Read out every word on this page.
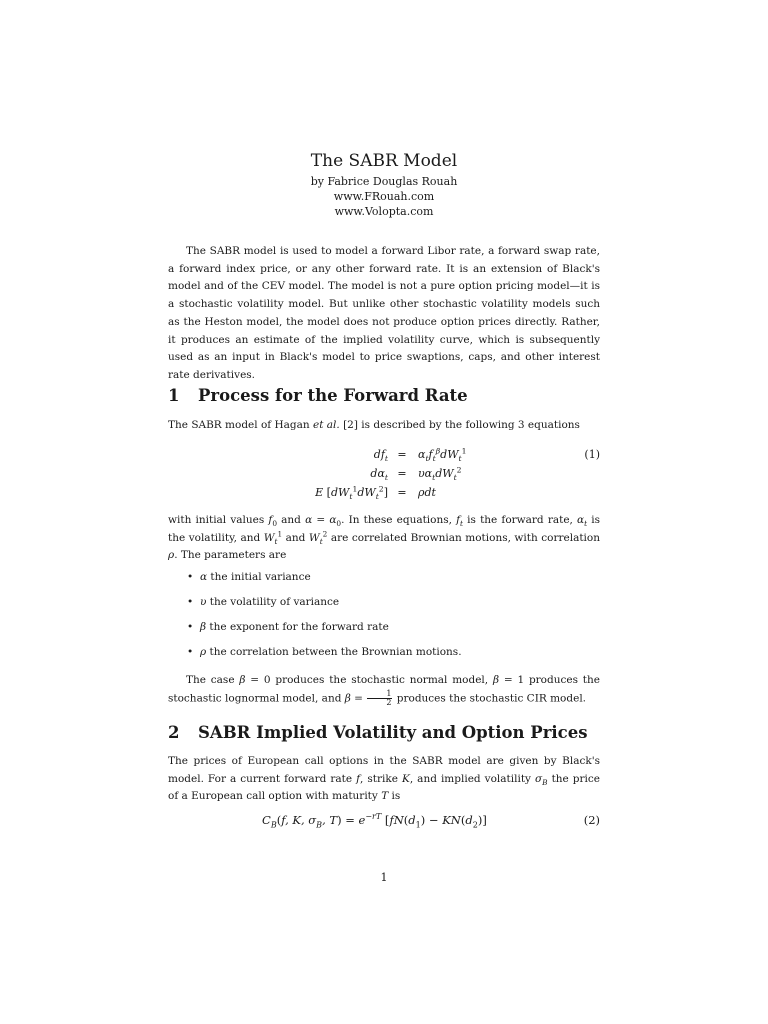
The SABR Model
by Fabrice Douglas Rouah
www.FRouah.com
www.Volopta.com

The SABR model is used to model a forward Libor rate, a forward swap rate, a forward index price, or any other forward rate. It is an extension of Black's model and of the CEV model. The model is not a pure option pricing model—it is a stochastic volatility model. But unlike other stochastic volatility models such as the Heston model, the model does not produce option prices directly. Rather, it produces an estimate of the implied volatility curve, which is subsequently used as an input in Black's model to price swaptions, caps, and other interest rate derivatives.

1 Process for the Forward Rate

The SABR model of Hagan et al. [2] is described by the following 3 equations

$df_t = \alpha_tf_t^\beta dW_t^1$	(1)
$d\alpha_t = \upsilon\alpha_tdW_t^2$
E $[dW_t^1dW_t^2] = \rho dt$

with initial values $f_0$ and $\alpha = \alpha_0$. In these equations, $f_t$ is the forward rate, $\alpha_t$ is the volatility, and $W_t^1$ and $W_t^2$ are correlated Brownian motions, with correlation ρ. The parameters are

• α the initial variance
• υ the volatility of variance
• β the exponent for the forward rate
• ρ the correlation between the Brownian motions.

The case β = 0 produces the stochastic normal model, β = 1 produces the stochastic lognormal model, and $\beta = \frac{1}{2}$ produces the stochastic CIR model.

2 SABR Implied Volatility and Option Prices

The prices of European call options in the SABR model are given by Black's model. For a current forward rate f, strike K, and implied volatility $\sigma_B$ the price of a European call option with maturity T is

$C_B(f$, K, $\sigma_B$, $T) = e^{-rT}$ $[fN(d_1) - KN(d_2)]$	(2)
1
